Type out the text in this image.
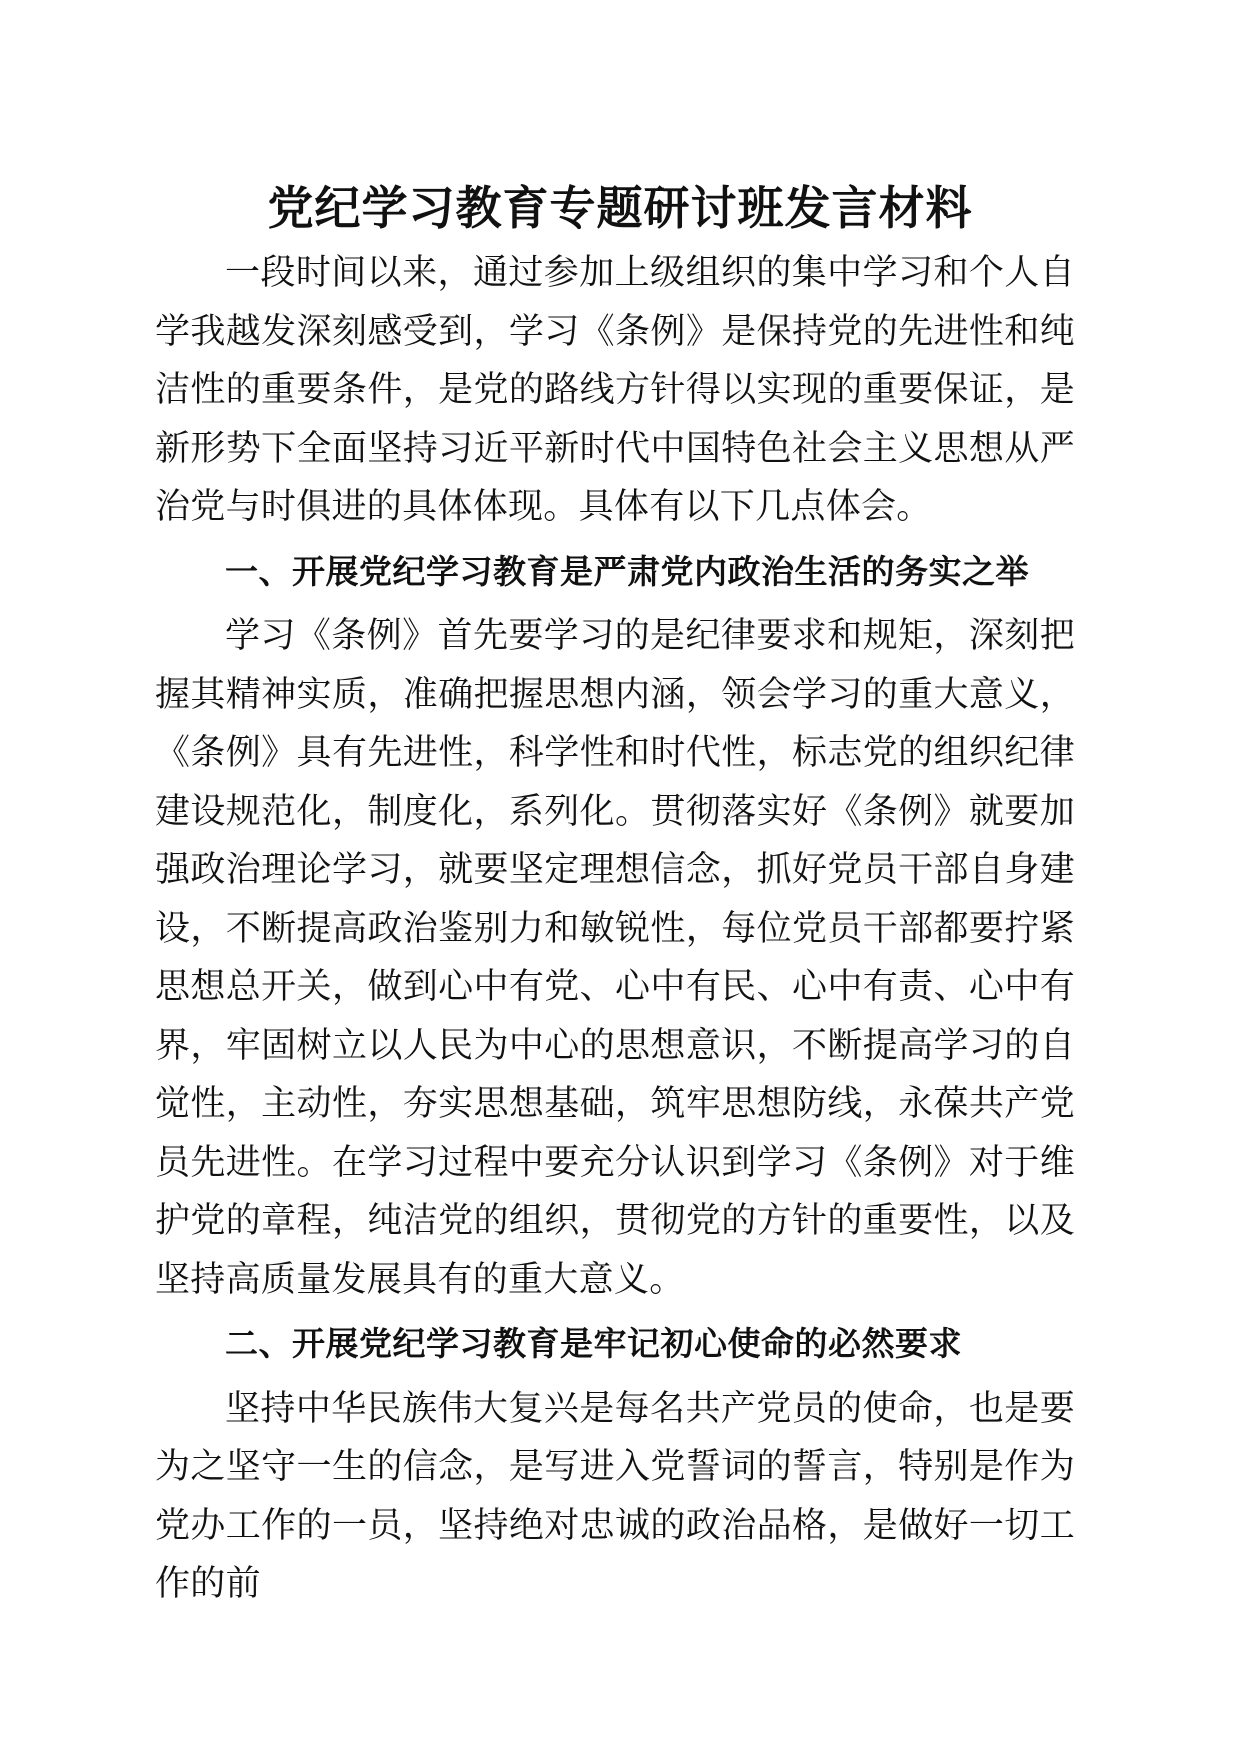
党纪学习教育专题研讨班发言材料

一段时间以来，通过参加上级组织的集中学习和个人自学我越发深刻感受到，学习《条例》是保持党的先进性和纯洁性的重要条件，是党的路线方针得以实现的重要保证，是新形势下全面坚持习近平新时代中国特色社会主义思想从严治党与时俱进的具体体现。具体有以下几点体会。

一、开展党纪学习教育是严肃党内政治生活的务实之举

学习《条例》首先要学习的是纪律要求和规矩，深刻把握其精神实质，准确把握思想内涵，领会学习的重大意义，《条例》具有先进性，科学性和时代性，标志党的组织纪律建设规范化，制度化，系列化。贯彻落实好《条例》就要加强政治理论学习，就要坚定理想信念，抓好党员干部自身建设，不断提高政治鉴别力和敏锐性，每位党员干部都要拧紧思想总开关，做到心中有党、心中有民、心中有责、心中有界，牢固树立以人民为中心的思想意识，不断提高学习的自觉性，主动性，夯实思想基础，筑牢思想防线，永葆共产党员先进性。在学习过程中要充分认识到学习《条例》对于维护党的章程，纯洁党的组织，贯彻党的方针的重要性，以及坚持高质量发展具有的重大意义。

二、开展党纪学习教育是牢记初心使命的必然要求

坚持中华民族伟大复兴是每名共产党员的使命，也是要为之坚守一生的信念，是写进入党誓词的誓言，特别是作为党办工作的一员，坚持绝对忠诚的政治品格，是做好一切工作的前
